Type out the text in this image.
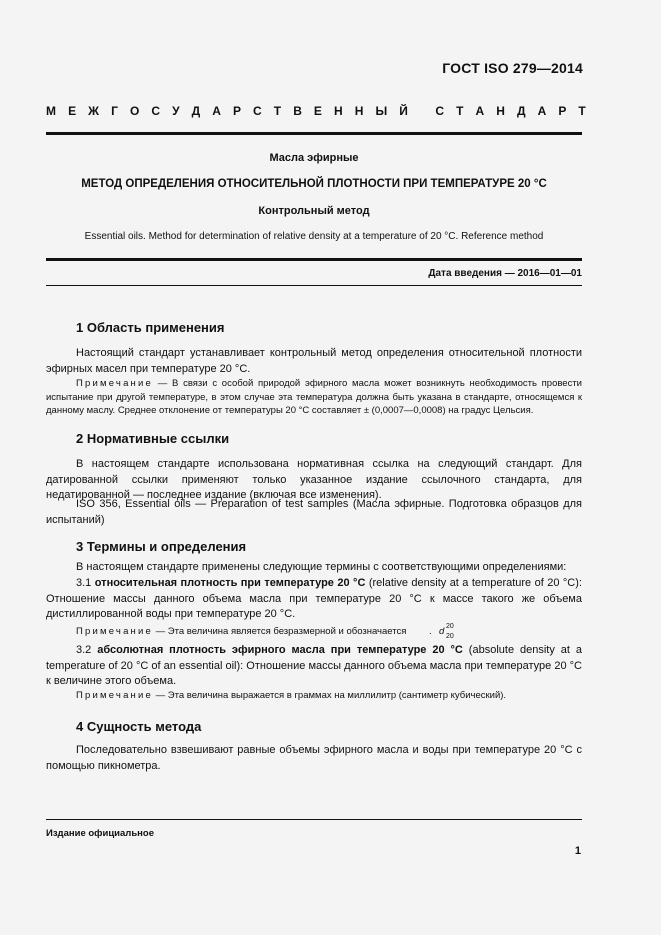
ГОСТ ISO 279—2014
М Е Ж Г О С У Д А Р С Т В Е Н Н Ы Й
С Т А Н Д А Р Т
Масла эфирные
МЕТОД ОПРЕДЕЛЕНИЯ ОТНОСИТЕЛЬНОЙ ПЛОТНОСТИ ПРИ ТЕМПЕРАТУРЕ 20 °С
Контрольный метод
Essential oils. Method for determination of relative density at a temperature of 20 °C. Reference method
Дата введения — 2016—01—01
1 Область применения
Настоящий стандарт устанавливает контрольный метод определения относительной плотности эфирных масел при температуре 20 °С.
Примечание — В связи с особой природой эфирного масла может возникнуть необходимость провести испытание при другой температуре, в этом случае эта температура должна быть указана в стандарте, относящемся к данному маслу. Среднее отклонение от температуры 20 °С составляет ± (0,0007—0,0008) на градус Цельсия.
2 Нормативные ссылки
В настоящем стандарте использована нормативная ссылка на следующий стандарт. Для датированной ссылки применяют только указанное издание ссылочного стандарта, для недатированной — последнее издание (включая все изменения).
ISO 356, Essential oils — Preparation of test samples (Масла эфирные. Подготовка образцов для испытаний)
3 Термины и определения
В настоящем стандарте применены следующие термины с соответствующими определениями:
3.1 относительная плотность при температуре 20 °С (relative density at a temperature of 20 °С): Отношение массы данного объема масла при температуре 20 °С к массе такого же объема дистиллированной воды при температуре 20 °С.
Примечание — Эта величина является безразмерной и обозначается	d 20
20
.
3.2 абсолютная плотность эфирного масла при температуре 20 °С (absolute density at a temperature of 20 °C of an essential oil): Отношение массы данного объема масла при температуре 20 °С к величине этого объема.
Примечание — Эта величина выражается в граммах на миллилитр (сантиметр кубический).
4 Сущность метода
Последовательно взвешивают равные объемы эфирного масла и воды при температуре 20 °С с помощью пикнометра.
Издание официальное
1
